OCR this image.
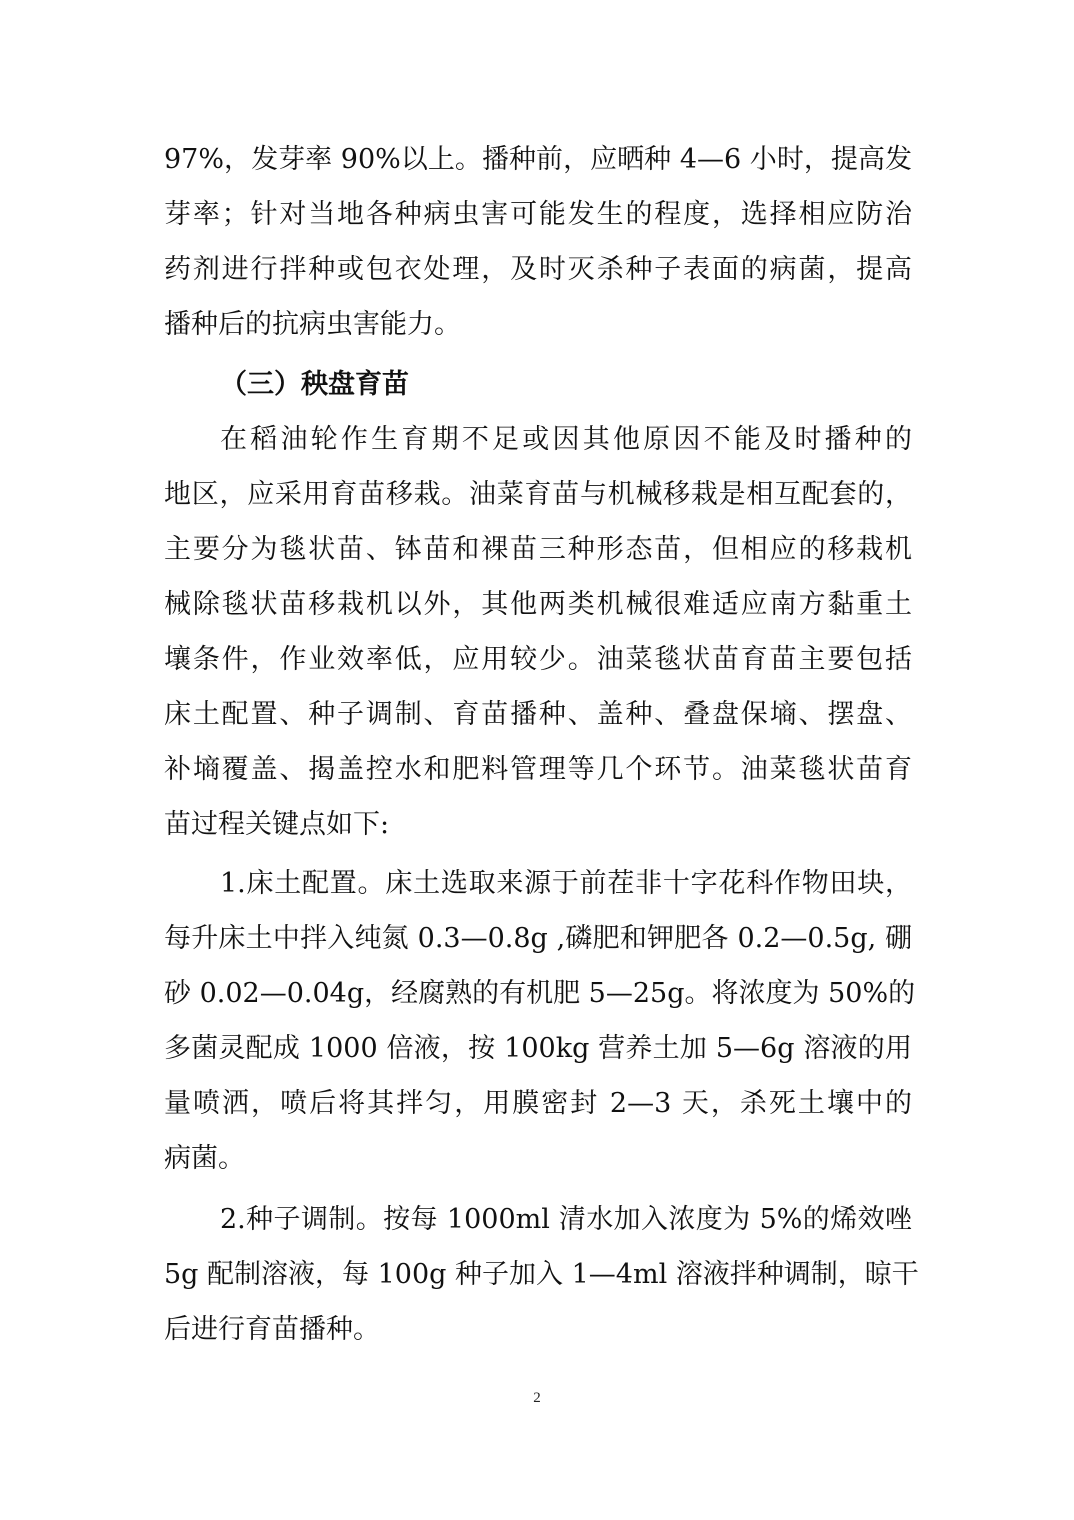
97%，发芽率 90%以上。播种前，应晒种 4—6 小时，提高发
芽率；针对当地各种病虫害可能发生的程度，选择相应防治
药剂进行拌种或包衣处理，及时灭杀种子表面的病菌，提高
播种后的抗病虫害能力。
（三）秧盘育苗
在稻油轮作生育期不足或因其他原因不能及时播种的
地区，应采用育苗移栽。油菜育苗与机械移栽是相互配套的，
主要分为毯状苗、钵苗和裸苗三种形态苗，但相应的移栽机
械除毯状苗移栽机以外，其他两类机械很难适应南方黏重土
壤条件，作业效率低，应用较少。油菜毯状苗育苗主要包括
床土配置、种子调制、育苗播种、盖种、叠盘保墒、摆盘、
补墒覆盖、揭盖控水和肥料管理等几个环节。油菜毯状苗育
苗过程关键点如下:
1.床土配置。床土选取来源于前茬非十字花科作物田块，
每升床土中拌入纯氮 0.3—0.8g ,磷肥和钾肥各 0.2—0.5g, 硼
砂 0.02—0.04g，经腐熟的有机肥 5—25g。将浓度为 50%的
多菌灵配成 1000 倍液，按 100kg 营养土加 5—6g 溶液的用
量喷洒，喷后将其拌匀，用膜密封 2—3 天，杀死土壤中的
病菌。
2.种子调制。按每 1000ml 清水加入浓度为 5%的烯效唑
5g 配制溶液，每 100g 种子加入 1—4ml 溶液拌种调制，晾干
后进行育苗播种。
2
